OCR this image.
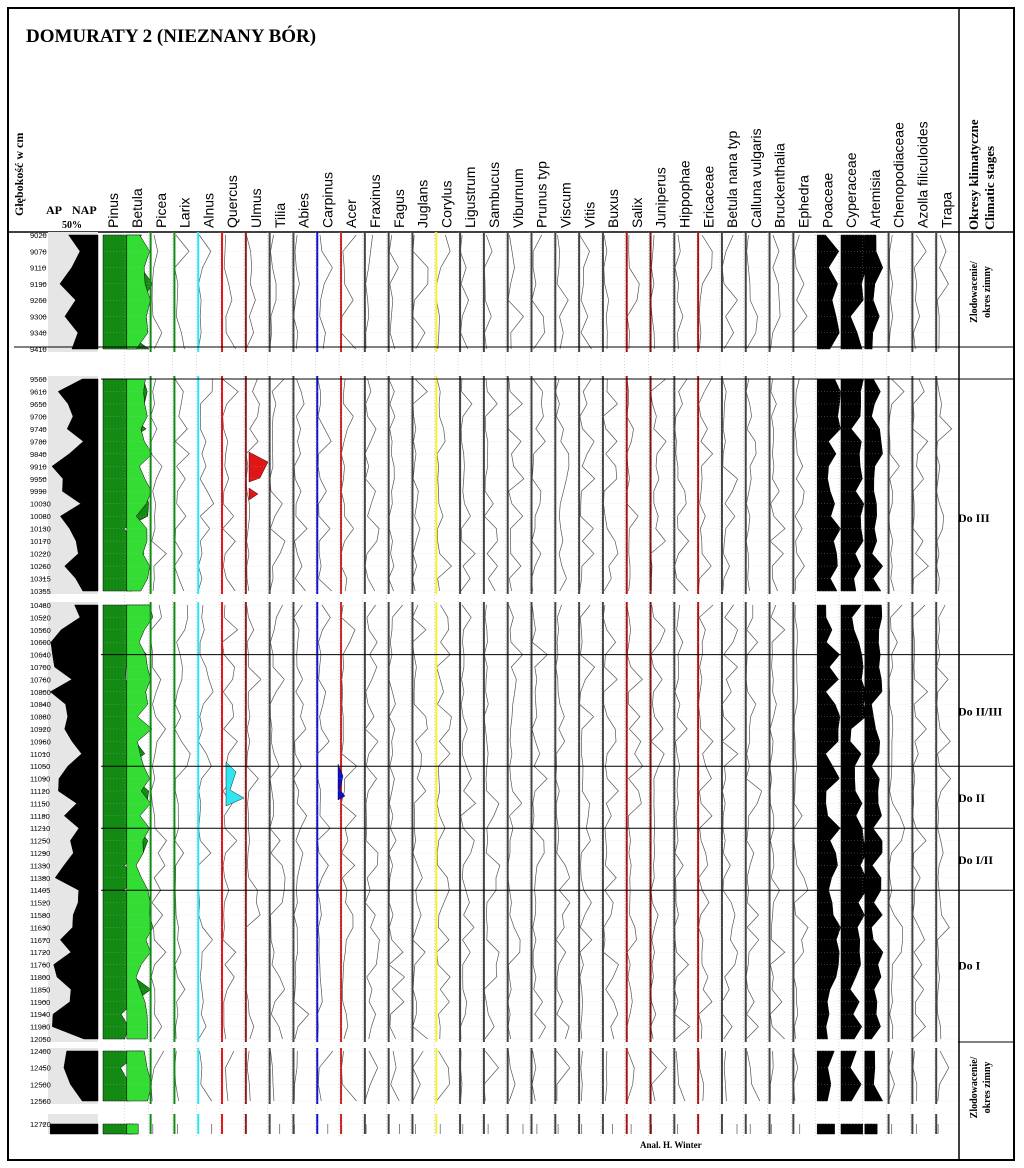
DOMURATY 2 (NIEZNANY BÓR)
Głębokość w cm AP NAP
50%	Okresy klimatyczne Climatic stages
Pinus Betula Picea Larix Alnus Quercus Ulmus Tilia Abies Carpinus Acer Fraxinus Fagus Juglans Corylus Ligustrum Sambucus Viburnum Prunus typ Viscum Vitis Buxus Salix Juniperus Hippophae Ericaceae Betula nana typ Calluna vulgaris Bruckenthalia Ephedra Poaceae Cyperaceae Artemisia Chenopodiaceae Azolla filiculoides Trapa
9020
9070
9110
9190
9260
9300
9340
9410
9560
9610
9650
9700
9740
9780
9840
9910
9950
9990
10030
10080
10130
10170
10220
10260
10315
10355
10480
10520
10560
10600
10640
10700
10760
10800
10840
10880
10920
10960
11010
11050
11090
11120
11150
11180
11210
11250
11290
11330
11380
11405
11520
11580
11630
11670
11720
11760
11800
11850
11900
11940
11980
12050
12400
12450
12500
12560
12720
Zlodowacenie/ okres zimny
Do III
Do II/III
Do II
Do I/II
Do I
Zlodowacenie/ okres zimny
Anal. H. Winter
